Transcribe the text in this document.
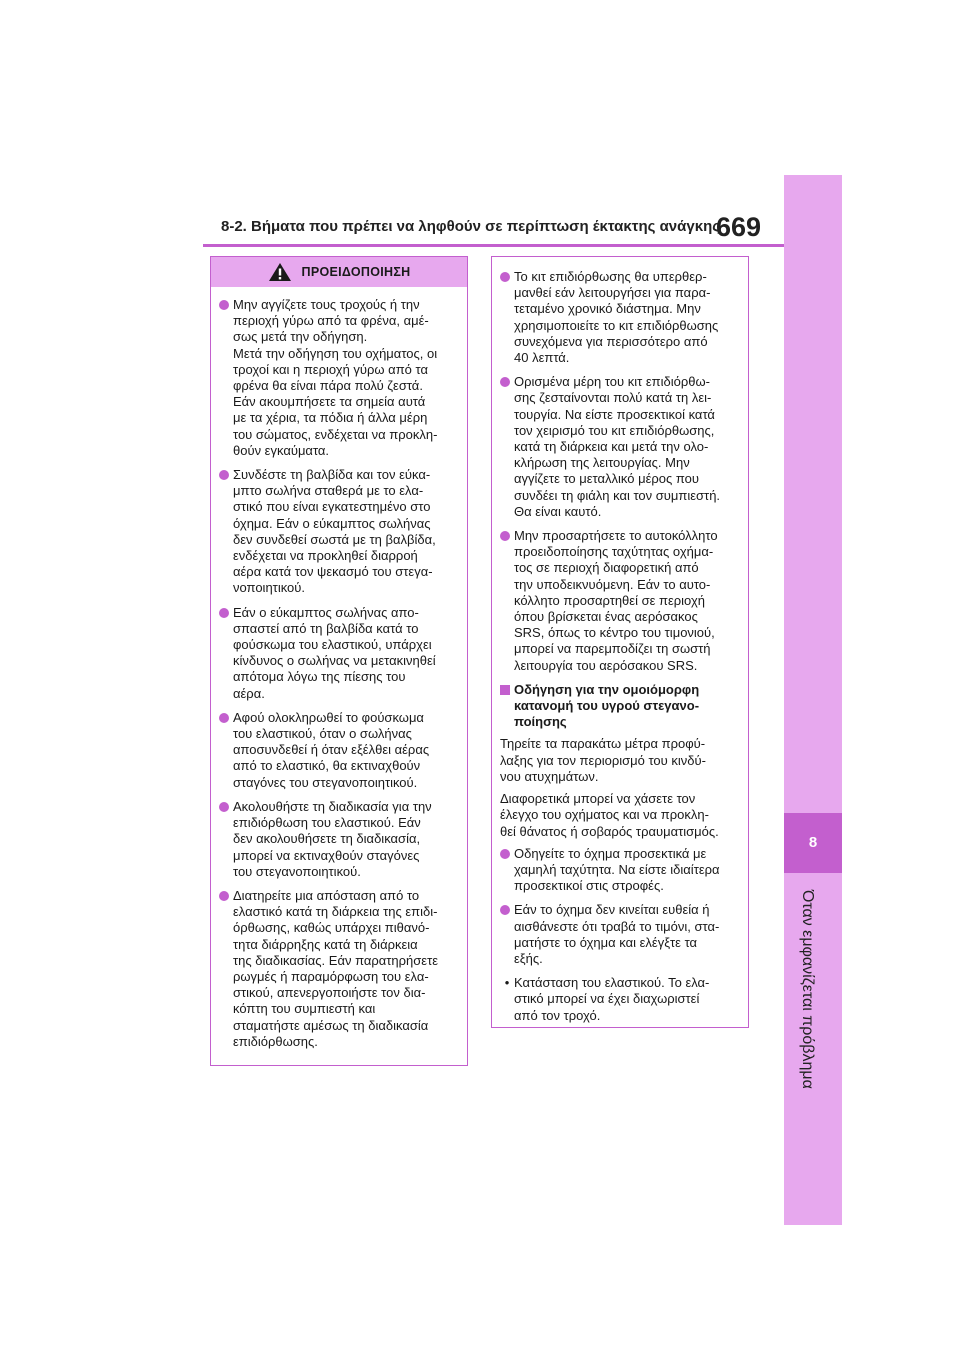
8
Όταν εμφανίζεται πρόβλημα
8-2. Βήματα που πρέπει να ληφθούν σε περίπτωση έκτακτης ανάγκης
669
ΠΡΟΕΙΔΟΠΟΙΗΣΗ
Μην αγγίζετε τους τροχούς ή την
περιοχή γύρω από τα φρένα, αμέ-
σως μετά την οδήγηση.
Μετά την οδήγηση του οχήματος, οι
τροχοί και η περιοχή γύρω από τα
φρένα θα είναι πάρα πολύ ζεστά.
Εάν ακουμπήσετε τα σημεία αυτά
με τα χέρια, τα πόδια ή άλλα μέρη
του σώματος, ενδέχεται να προκλη-
θούν εγκαύματα.
Συνδέστε τη βαλβίδα και τον εύκα-
μπτο σωλήνα σταθερά με το ελα-
στικό που είναι εγκατεστημένο στο
όχημα. Εάν ο εύκαμπτος σωλήνας
δεν συνδεθεί σωστά με τη βαλβίδα,
ενδέχεται να προκληθεί διαρροή
αέρα κατά τον ψεκασμό του στεγα-
νοποιητικού.
Εάν ο εύκαμπτος σωλήνας απο-
σπαστεί από τη βαλβίδα κατά το
φούσκωμα του ελαστικού, υπάρχει
κίνδυνος ο σωλήνας να μετακινηθεί
απότομα λόγω της πίεσης του
αέρα.
Αφού ολοκληρωθεί το φούσκωμα
του ελαστικού, όταν ο σωλήνας
αποσυνδεθεί ή όταν εξέλθει αέρας
από το ελαστικό, θα εκτιναχθούν
σταγόνες του στεγανοποιητικού.
Ακολουθήστε τη διαδικασία για την
επιδιόρθωση του ελαστικού. Εάν
δεν ακολουθήσετε τη διαδικασία,
μπορεί να εκτιναχθούν σταγόνες
του στεγανοποιητικού.
Διατηρείτε μια απόσταση από το
ελαστικό κατά τη διάρκεια της επιδι-
όρθωσης, καθώς υπάρχει πιθανό-
τητα διάρρηξης κατά τη διάρκεια
της διαδικασίας. Εάν παρατηρήσετε
ρωγμές ή παραμόρφωση του ελα-
στικού, απενεργοποιήστε τον δια-
κόπτη του συμπιεστή και
σταματήστε αμέσως τη διαδικασία
επιδιόρθωσης.
Το κιτ επιδιόρθωσης θα υπερθερ-
μανθεί εάν λειτουργήσει για παρα-
τεταμένο χρονικό διάστημα. Μην
χρησιμοποιείτε το κιτ επιδιόρθωσης
συνεχόμενα για περισσότερο από
40 λεπτά.
Ορισμένα μέρη του κιτ επιδιόρθω-
σης ζεσταίνονται πολύ κατά τη λει-
τουργία. Να είστε προσεκτικοί κατά
τον χειρισμό του κιτ επιδιόρθωσης,
κατά τη διάρκεια και μετά την ολο-
κλήρωση της λειτουργίας. Μην
αγγίζετε το μεταλλικό μέρος που
συνδέει τη φιάλη και τον συμπιεστή.
Θα είναι καυτό.
Μην προσαρτήσετε το αυτοκόλλητο
προειδοποίησης ταχύτητας οχήμα-
τος σε περιοχή διαφορετική από
την υποδεικνυόμενη. Εάν το αυτο-
κόλλητο προσαρτηθεί σε περιοχή
όπου βρίσκεται ένας αερόσακος
SRS, όπως το κέντρο του τιμονιού,
μπορεί να παρεμποδίζει τη σωστή
λειτουργία του αερόσακου SRS.
Οδήγηση για την ομοιόμορφη
κατανομή του υγρού στεγανο-
ποίησης
Τηρείτε τα παρακάτω μέτρα προφύ-
λαξης για τον περιορισμό του κινδύ-
νου ατυχημάτων.
Διαφορετικά μπορεί να χάσετε τον
έλεγχο του οχήματος και να προκλη-
θεί θάνατος ή σοβαρός τραυματισμός.
Οδηγείτε το όχημα προσεκτικά με
χαμηλή ταχύτητα. Να είστε ιδιαίτερα
προσεκτικοί στις στροφές.
Εάν το όχημα δεν κινείται ευθεία ή
αισθάνεστε ότι τραβά το τιμόνι, στα-
ματήστε το όχημα και ελέγξτε τα
εξής.
• Κατάσταση του ελαστικού. Το ελα-
στικό μπορεί να έχει διαχωριστεί
από τον τροχό.
